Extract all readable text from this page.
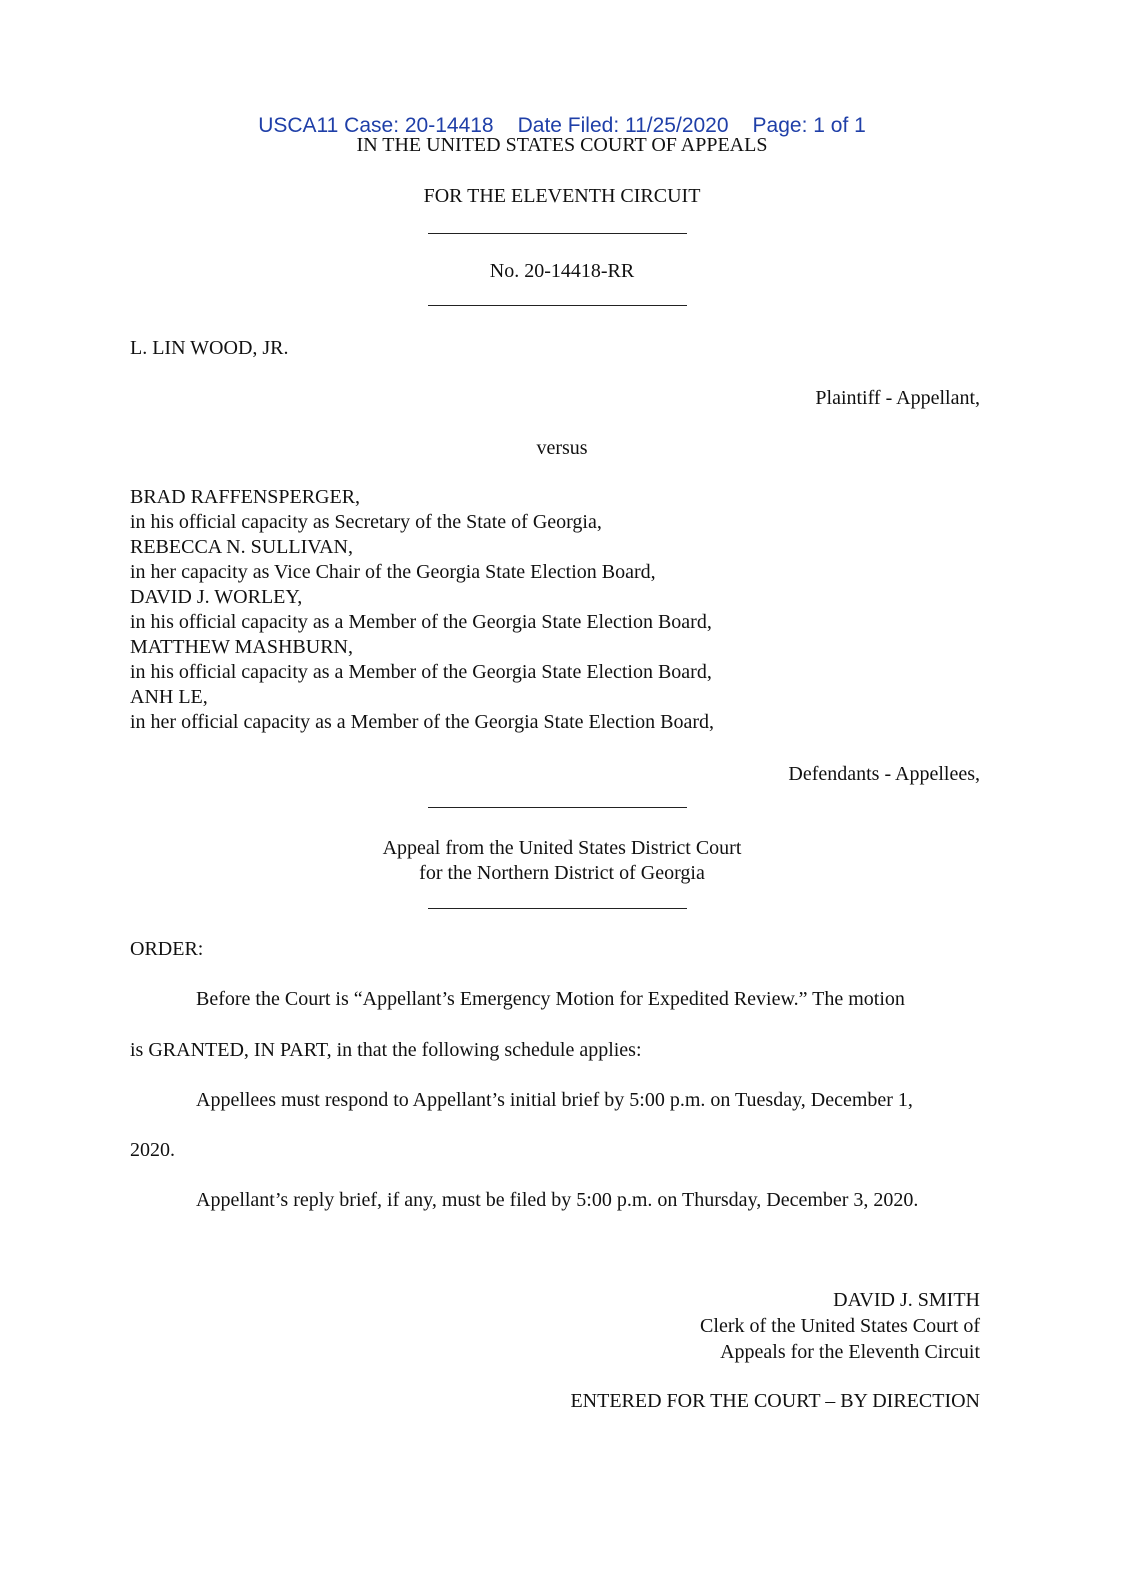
USCA11 Case: 20-14418 Date Filed: 11/25/2020 Page: 1 of 1
IN THE UNITED STATES COURT OF APPEALS
FOR THE ELEVENTH CIRCUIT
No. 20-14418-RR
L. LIN WOOD, JR.
Plaintiff - Appellant,
versus
BRAD RAFFENSPERGER,
in his official capacity as Secretary of the State of Georgia,
REBECCA N. SULLIVAN,
in her capacity as Vice Chair of the Georgia State Election Board,
DAVID J. WORLEY,
in his official capacity as a Member of the Georgia State Election Board,
MATTHEW MASHBURN,
in his official capacity as a Member of the Georgia State Election Board,
ANH LE,
in her official capacity as a Member of the Georgia State Election Board,
Defendants - Appellees,
Appeal from the United States District Court
for the Northern District of Georgia
ORDER:
Before the Court is “Appellant’s Emergency Motion for Expedited Review.” The motion
is GRANTED, IN PART, in that the following schedule applies:
Appellees must respond to Appellant’s initial brief by 5:00 p.m. on Tuesday, December 1,
2020.
Appellant’s reply brief, if any, must be filed by 5:00 p.m. on Thursday, December 3, 2020.
DAVID J. SMITH
Clerk of the United States Court of
Appeals for the Eleventh Circuit
ENTERED FOR THE COURT – BY DIRECTION
